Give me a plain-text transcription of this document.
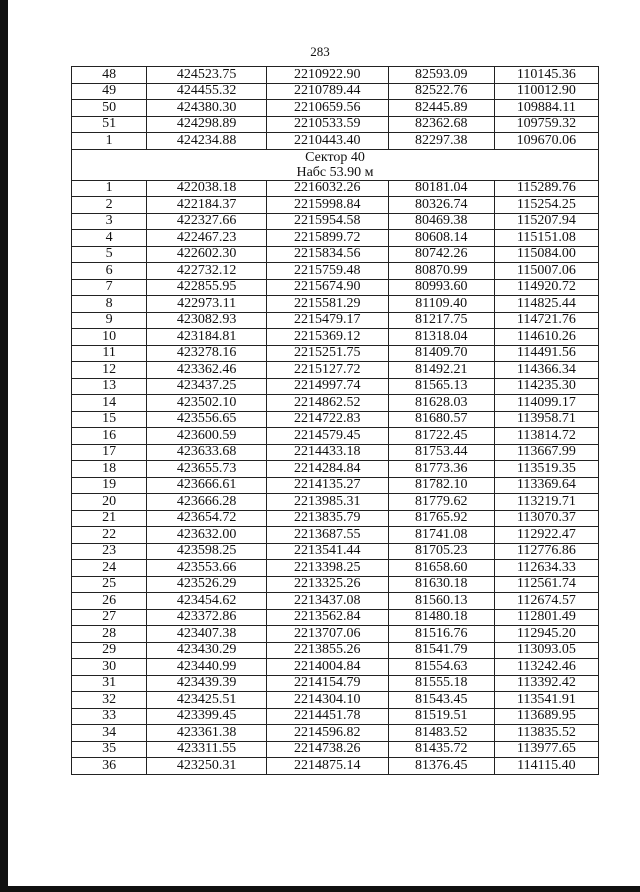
283
48	424523.75	2210922.90	82593.09	110145.36
49	424455.32	2210789.44	82522.76	110012.90
50	424380.30	2210659.56	82445.89	109884.11
51	424298.89	2210533.59	82362.68	109759.32
1	424234.88	2210443.40	82297.38	109670.06

Сектор 40
Набс 53.90 м				

1	422038.18	2216032.26	80181.04	115289.76
2	422184.37	2215998.84	80326.74	115254.25
3	422327.66	2215954.58	80469.38	115207.94
4	422467.23	2215899.72	80608.14	115151.08
5	422602.30	2215834.56	80742.26	115084.00
6	422732.12	2215759.48	80870.99	115007.06
7	422855.95	2215674.90	80993.60	114920.72
8	422973.11	2215581.29	81109.40	114825.44
9	423082.93	2215479.17	81217.75	114721.76
10	423184.81	2215369.12	81318.04	114610.26
11	423278.16	2215251.75	81409.70	114491.56
12	423362.46	2215127.72	81492.21	114366.34
13	423437.25	2214997.74	81565.13	114235.30
14	423502.10	2214862.52	81628.03	114099.17
15	423556.65	2214722.83	81680.57	113958.71
16	423600.59	2214579.45	81722.45	113814.72
17	423633.68	2214433.18	81753.44	113667.99
18	423655.73	2214284.84	81773.36	113519.35
19	423666.61	2214135.27	81782.10	113369.64
20	423666.28	2213985.31	81779.62	113219.71
21	423654.72	2213835.79	81765.92	113070.37
22	423632.00	2213687.55	81741.08	112922.47
23	423598.25	2213541.44	81705.23	112776.86
24	423553.66	2213398.25	81658.60	112634.33
25	423526.29	2213325.26	81630.18	112561.74
26	423454.62	2213437.08	81560.13	112674.57
27	423372.86	2213562.84	81480.18	112801.49
28	423407.38	2213707.06	81516.76	112945.20
29	423430.29	2213855.26	81541.79	113093.05
30	423440.99	2214004.84	81554.63	113242.46
31	423439.39	2214154.79	81555.18	113392.42
32	423425.51	2214304.10	81543.45	113541.91
33	423399.45	2214451.78	81519.51	113689.95
34	423361.38	2214596.82	81483.52	113835.52
35	423311.55	2214738.26	81435.72	113977.65
36	423250.31	2214875.14	81376.45	114115.40
